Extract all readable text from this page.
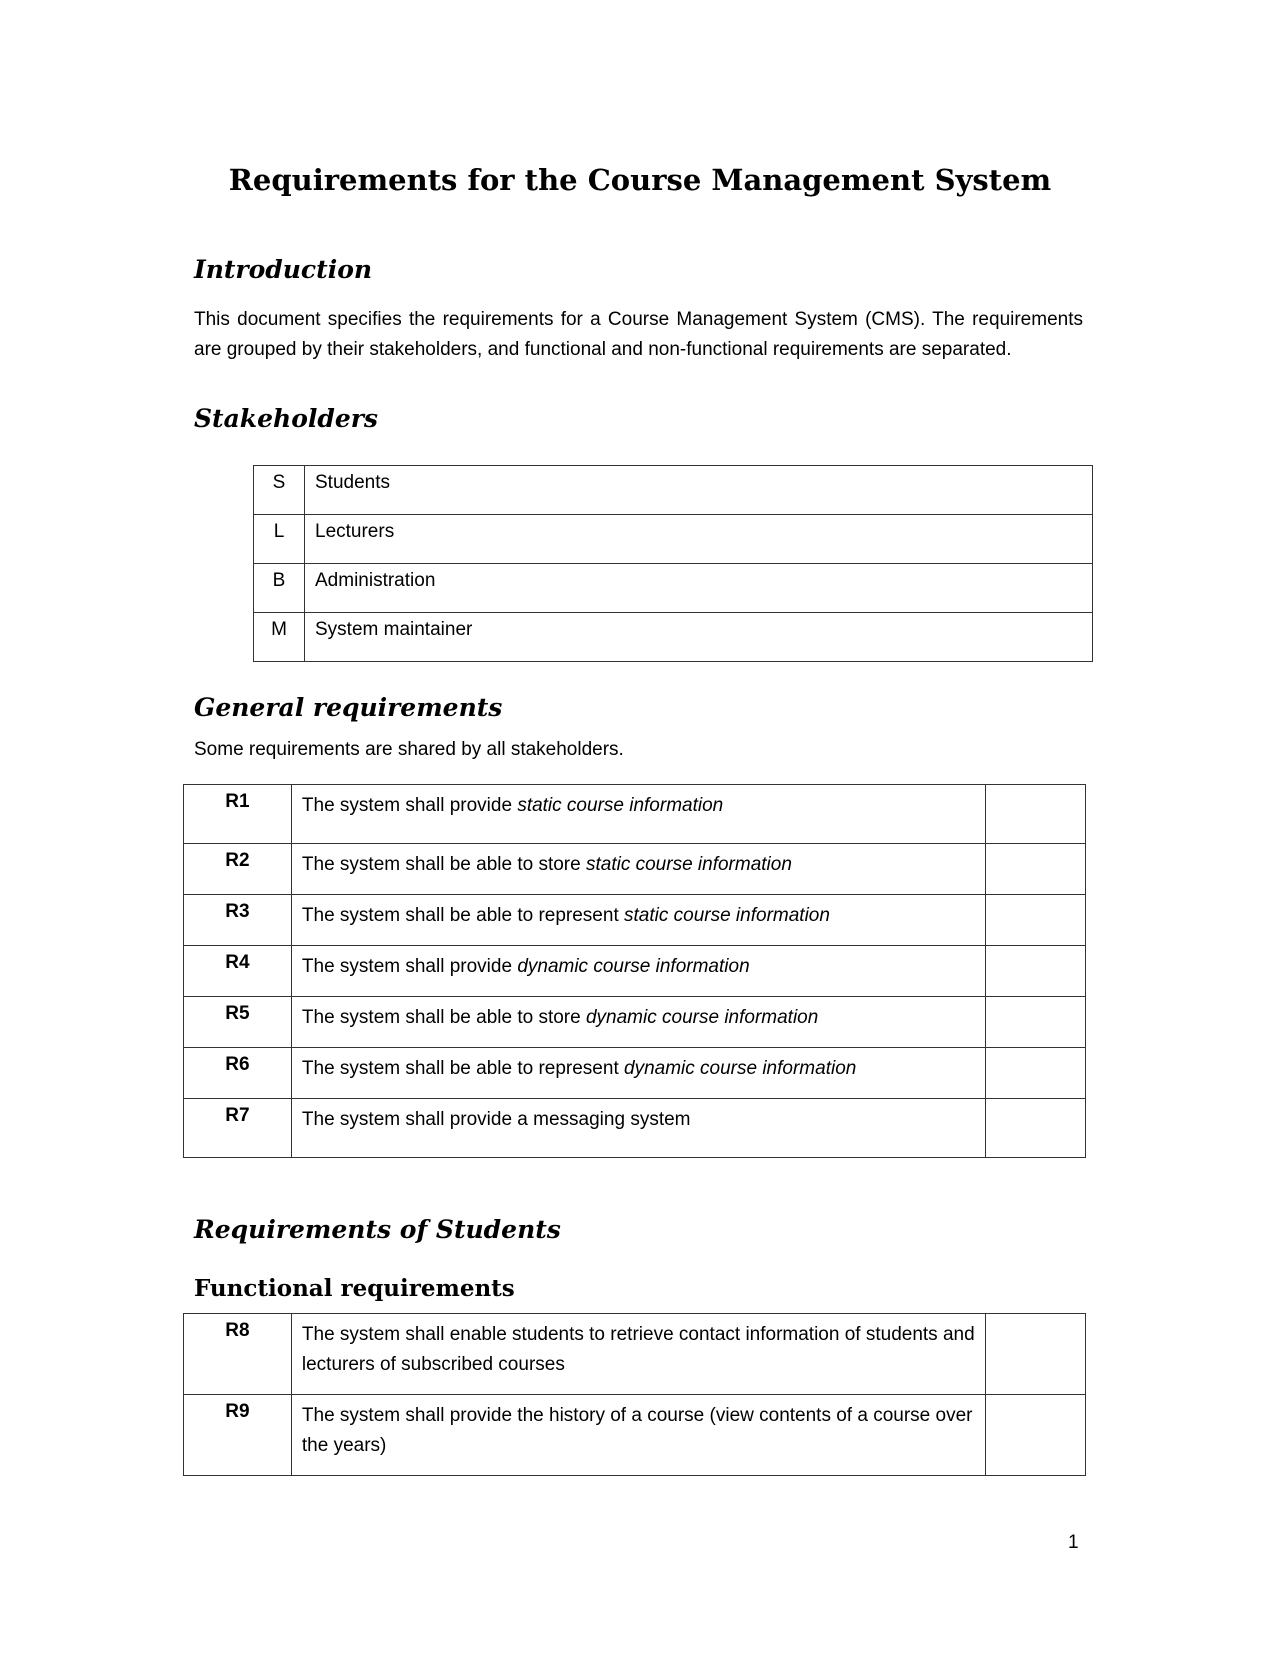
Requirements for the Course Management System
Introduction

This document specifies the requirements for a Course Management System (CMS). The requirements are grouped by their stakeholders, and functional and non-functional requirements are separated.

Stakeholders
S	Students
L	Lecturers
B	Administration
M	System maintainer
General requirements

Some requirements are shared by all stakeholders.

R1	The system shall provide static course information	
R2	The system shall be able to store static course information	
R3	The system shall be able to represent static course information	
R4	The system shall provide dynamic course information	
R5	The system shall be able to store dynamic course information	
R6	The system shall be able to represent dynamic course information	
R7	The system shall provide a messaging system	
Requirements of Students
Functional requirements
R8	The system shall enable students to retrieve contact information of students and lecturers of subscribed courses	
R9	The system shall provide the history of a course (view contents of a course over the years)	

1
